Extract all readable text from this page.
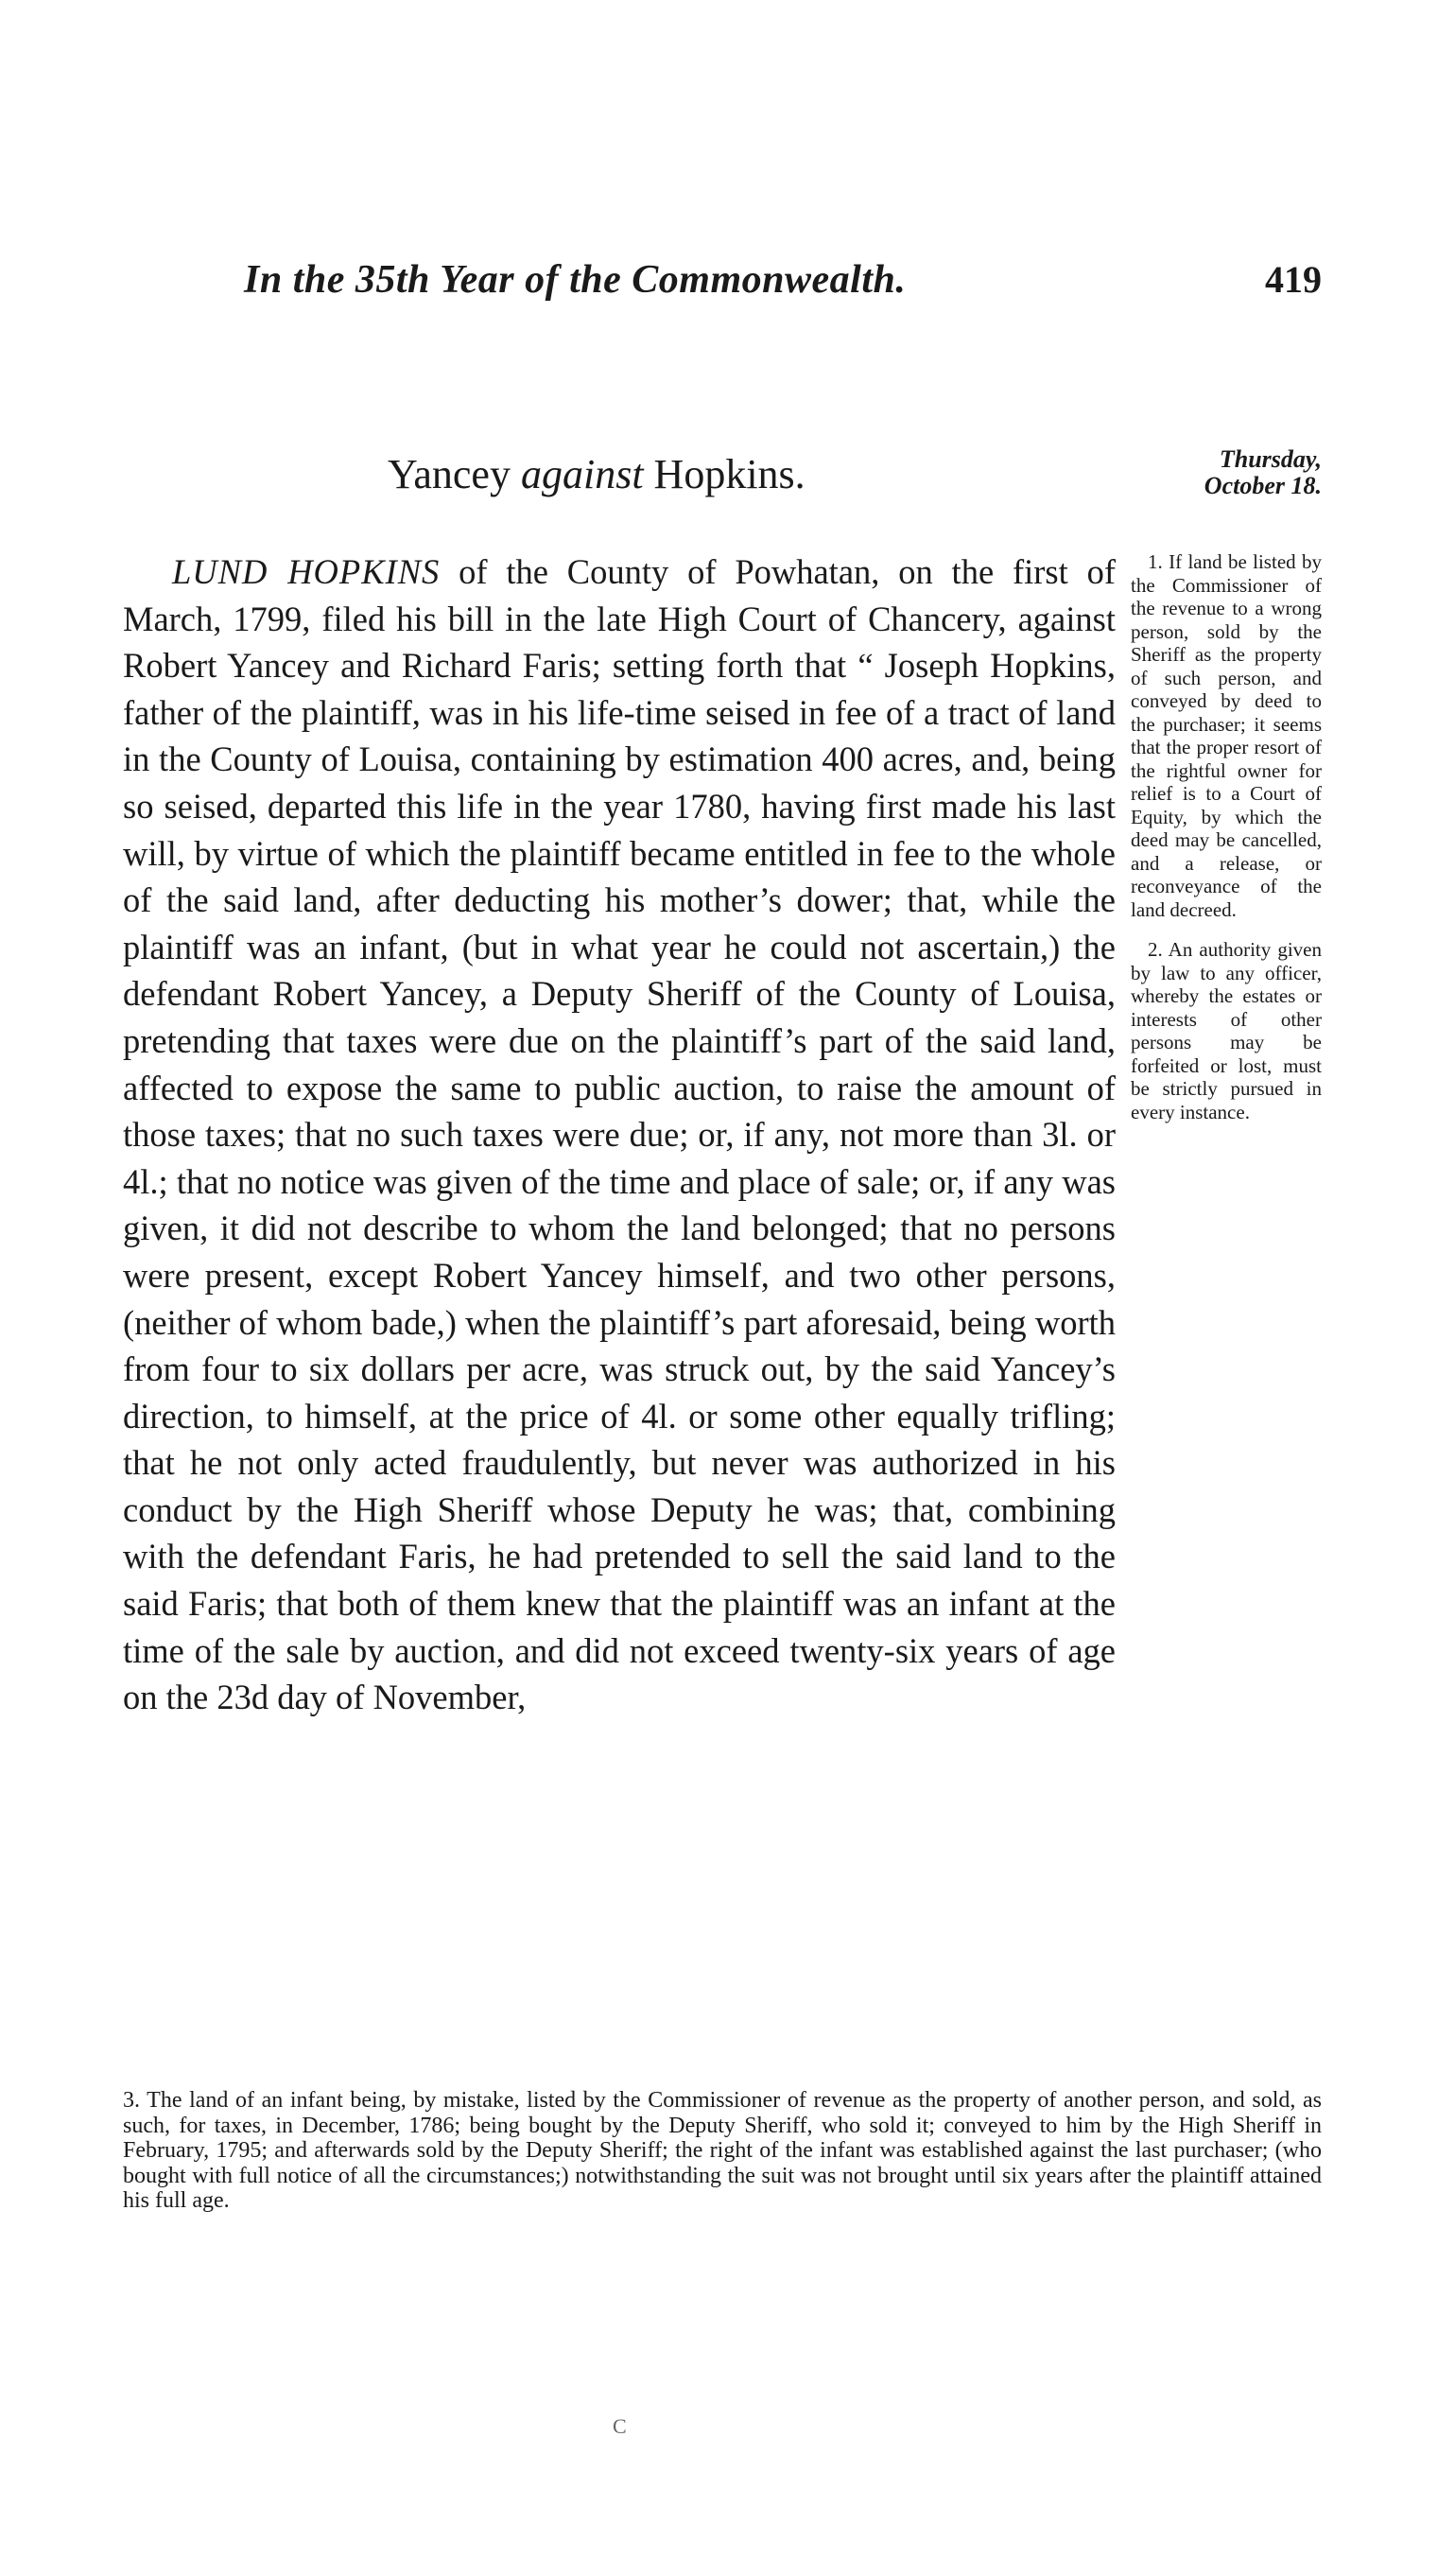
In the 35th Year of the Commonwealth.	419
Yancey against Hopkins.	Thursday,
October 18.

LUND HOPKINS of the County of Powhatan, on the first of March, 1799, filed his bill in the late High Court of Chancery, against Robert Yancey and Richard Faris; setting forth that “ Joseph Hopkins, father of the plaintiff, was in his life-time seised in fee of a tract of land in the County of Louisa, containing by estimation 400 acres, and, being so seised, departed this life in the year 1780, having first made his last will, by virtue of which the plaintiff became entitled in fee to the whole of the said land, after deducting his mother’s dower; that, while the plaintiff was an infant, (but in what year he could not ascertain,) the defendant Robert Yancey, a Deputy Sheriff of the County of Louisa, pretending that taxes were due on the plaintiff’s part of the said land, affected to expose the same to public auction, to raise the amount of those taxes; that no such taxes were due; or, if any, not more than 3l. or 4l.; that no notice was given of the time and place of sale; or, if any was given, it did not describe to whom the land belonged; that no persons were present, except Robert Yancey himself, and two other persons, (neither of whom bade,) when the plaintiff’s part aforesaid, being worth from four to six dollars per acre, was struck out, by the said Yancey’s direction, to himself, at the price of 4l. or some other equally trifling; that he not only acted fraudulently, but never was authorized in his conduct by the High Sheriff whose Deputy he was; that, combining with the defendant Faris, he had pretended to sell the said land to the said Faris; that both of them knew that the plaintiff was an infant at the time of the sale by auction, and did not exceed twenty-six years of age on the 23d day of November,

1. If land be listed by the Commissioner of the revenue to a wrong person, sold by the Sheriff as the property of such person, and conveyed by deed to the purchaser; it seems that the proper resort of the rightful owner for relief is to a Court of Equity, by which the deed may be cancelled, and a release, or reconveyance of the land decreed.

2. An authority given by law to any officer, whereby the estates or interests of other persons may be forfeited or lost, must be strictly pursued in every instance.

3. The land of an infant being, by mistake, listed by the Commissioner of revenue as the property of another person, and sold, as such, for taxes, in December, 1786; being bought by the Deputy Sheriff, who sold it; conveyed to him by the High Sheriff in February, 1795; and afterwards sold by the Deputy Sheriff; the right of the infant was established against the last purchaser; (who bought with full notice of all the circumstances;) notwithstanding the suit was not brought until six years after the plaintiff attained his full age.
C
